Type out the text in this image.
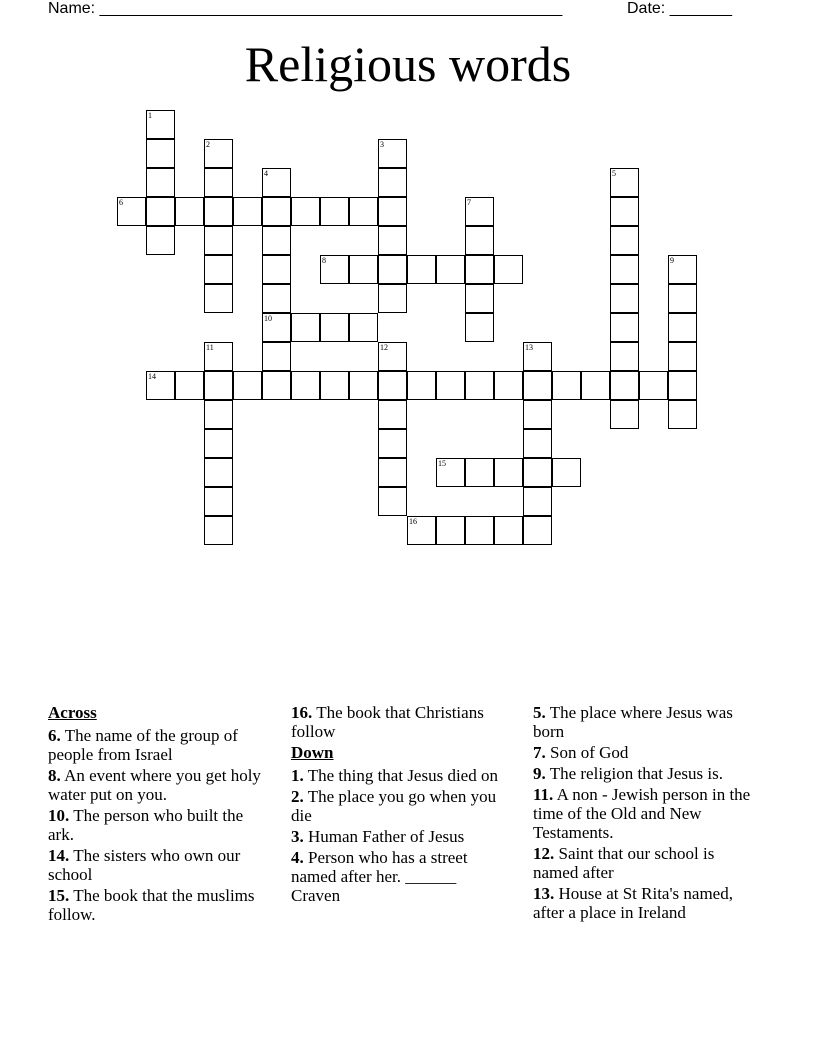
Name: ____________________________________________________	Date: _______
Religious words
1
2	3
4
10
5
6	7
8	9
11	12	13
14
15
16
Across
6. The name of the group of people from Israel
8. An event where you get holy water put on you.
10. The person who built the ark.
14. The sisters who own our school
15. The book that the muslims follow.
16. The book that Christians follow
Down
1. The thing that Jesus died on
2. The place you go when you die
3. Human Father of Jesus
4. Person who has a street named after her. ______ Craven
5. The place where Jesus was born
7. Son of God
9. The religion that Jesus is.
11. A non - Jewish person in the time of the Old and New Testaments.
12. Saint that our school is named after
13. House at St Rita's named, after a place in Ireland
